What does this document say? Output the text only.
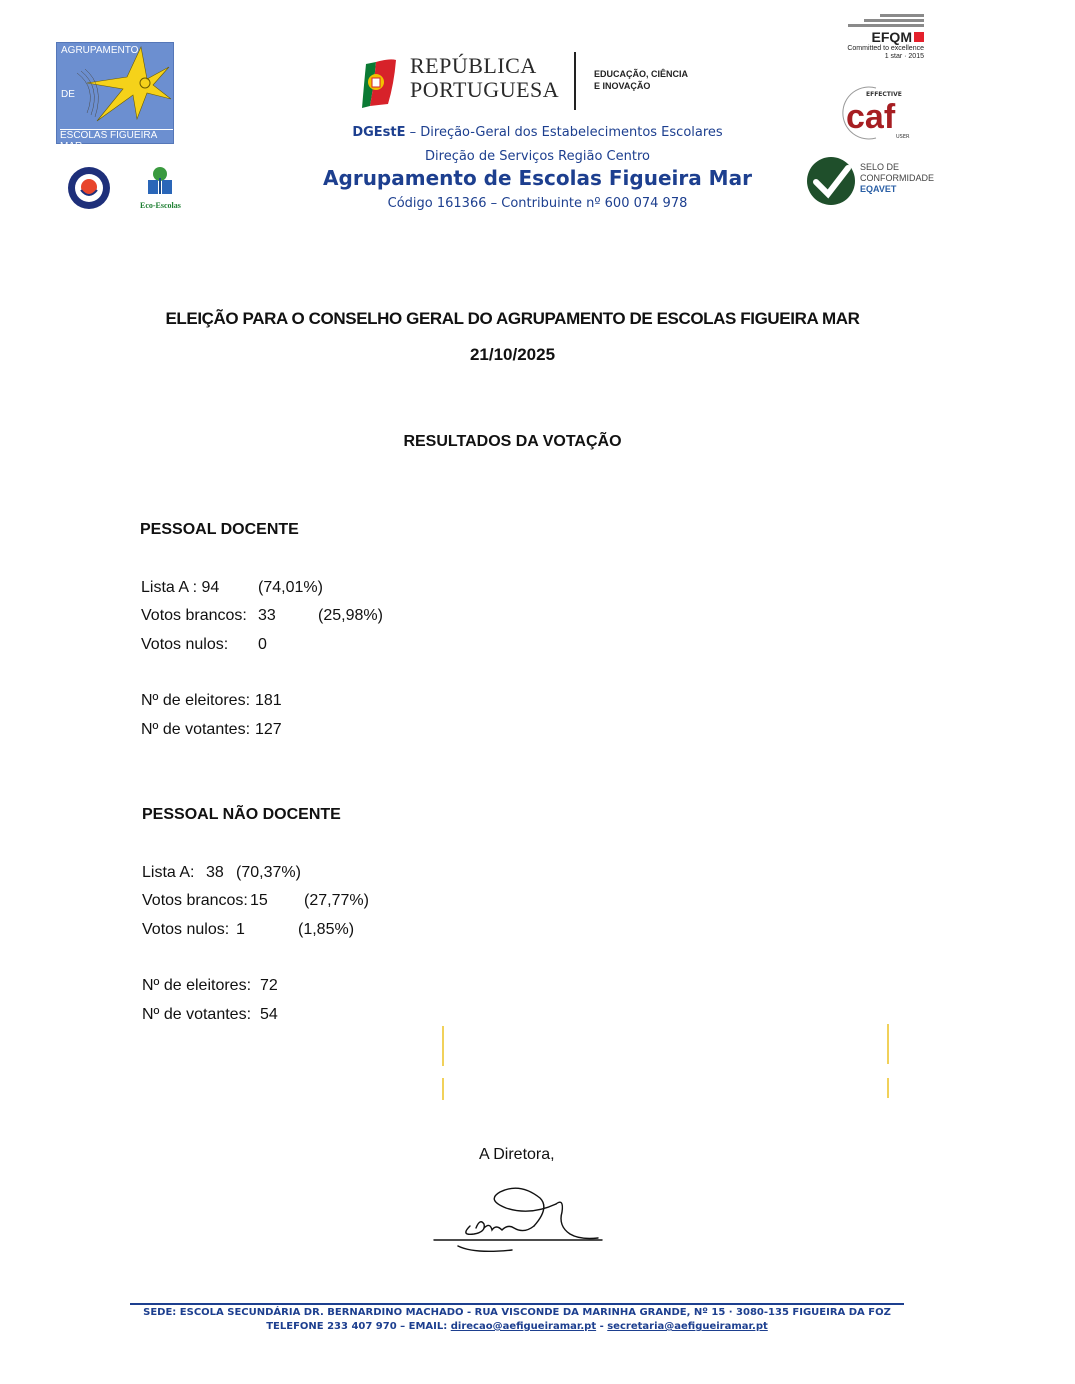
AGRUPAMENTO
DE
ESCOLAS FIGUEIRA MAR
Eco-Escolas
REPÚBLICA
PORTUGUESA
EDUCAÇÃO, CIÊNCIA
E INOVAÇÃO
DGEstE – Direção-Geral dos Estabelecimentos Escolares
Direção de Serviços Região Centro
Agrupamento de Escolas Figueira Mar
Código 161366 – Contribuinte nº 600 074 978
EFQM
Committed to excellence
1 star · 2015
EFFECTIVE
caf
USER
SELO DE
CONFORMIDADE
EQAVET
ELEIÇÃO PARA O CONSELHO GERAL DO AGRUPAMENTO DE ESCOLAS FIGUEIRA MAR
21/10/2025
RESULTADOS DA VOTAÇÃO
PESSOAL DOCENTE
Lista A : 94 (74,01%)
Votos brancos: 33	(25,98%)
Votos nulos: 0
Nº de eleitores: 181
Nº de votantes: 127
PESSOAL NÃO DOCENTE
Lista A: 38 (70,37%)
Votos brancos: 15 (27,77%)
Votos nulos: 1	(1,85%)
Nº de eleitores: 72
Nº de votantes: 54
A Diretora,
SEDE: ESCOLA SECUNDÁRIA DR. BERNARDINO MACHADO - RUA VISCONDE DA MARINHA GRANDE, Nº 15 · 3080-135 FIGUEIRA DA FOZ
TELEFONE 233 407 970 – EMAIL: direcao@aefigueiramar.pt - secretaria@aefigueiramar.pt
